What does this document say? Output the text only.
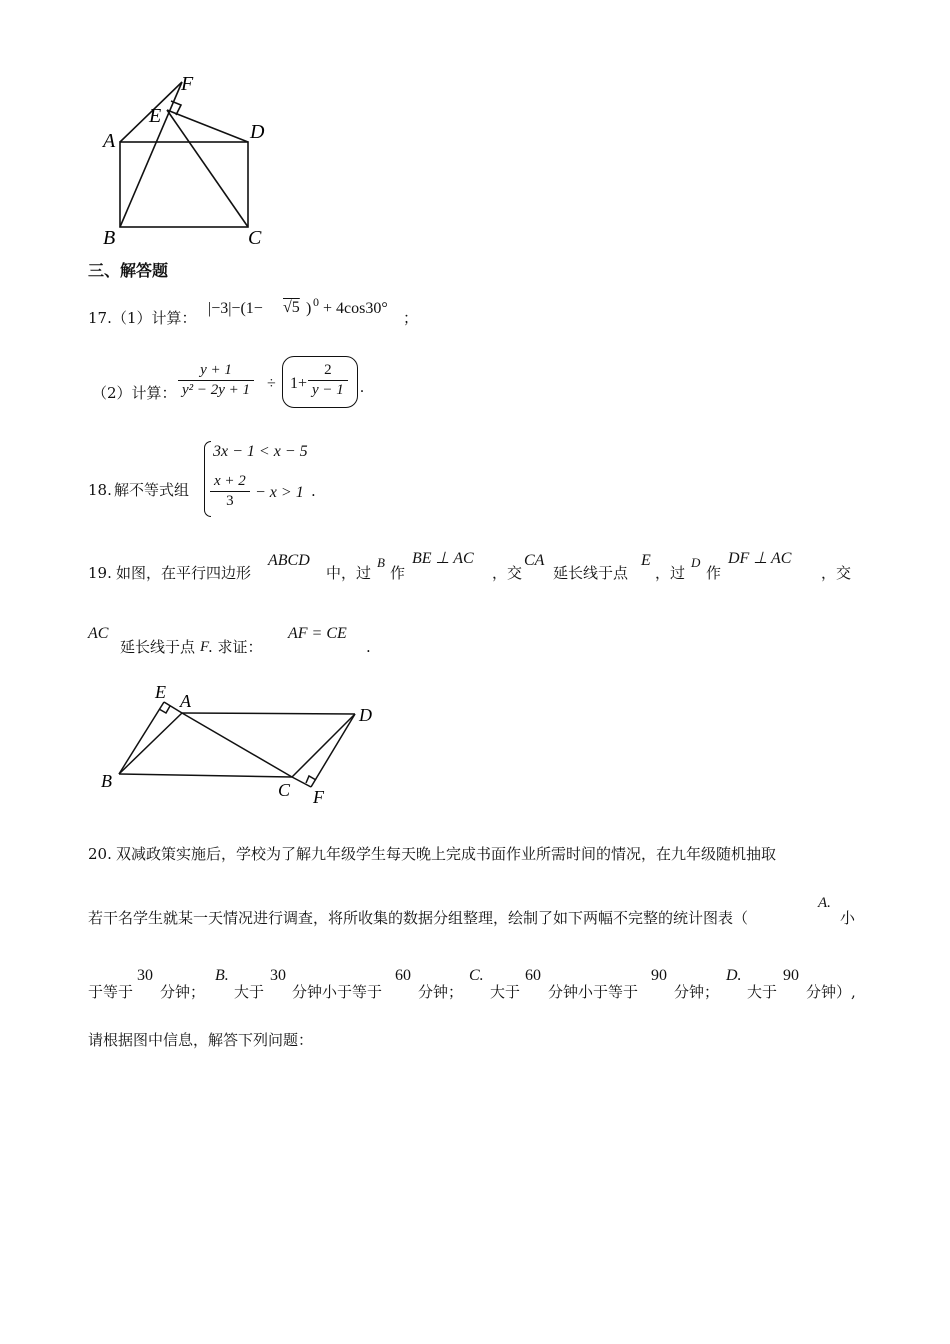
F
E
A	D
B	C
三、解答题
17. （1）计算：
|−3|−(1− √5 ) 0 + 4cos30°
；
（2）计算：
y + 1
y² − 2y + 1 ÷ 1+
2
y − 1 .
18. 解不等式组
3x − 1 < x − 5
x + 2
3 − x > 1 .
19. 如图，在平行四边形
ABCD
中，过
B
作
BE ⊥ AC
，交
CA
延长线于点
E
，过
D
作
DF ⊥ AC
，交
AC
延长线于点 F
. 求证：
AF = CE
.
E A
D
B	C F
20. 双减政策实施后，学校为了解九年级学生每天晚上完成书面作业所需时间的情况，在九年级随机抽取
若干名学生就某一天情况进行调查，将所收集的数据分组整理，绘制了如下两幅不完整的统计图表（
A.
小
于等于
30
分钟；
B.
大于
30
分钟小于等于
60
分钟；
C.
大于
60
分钟小于等于
90
分钟；
D.
大于
90
分钟）,
请根据图中信息，解答下列问题：
